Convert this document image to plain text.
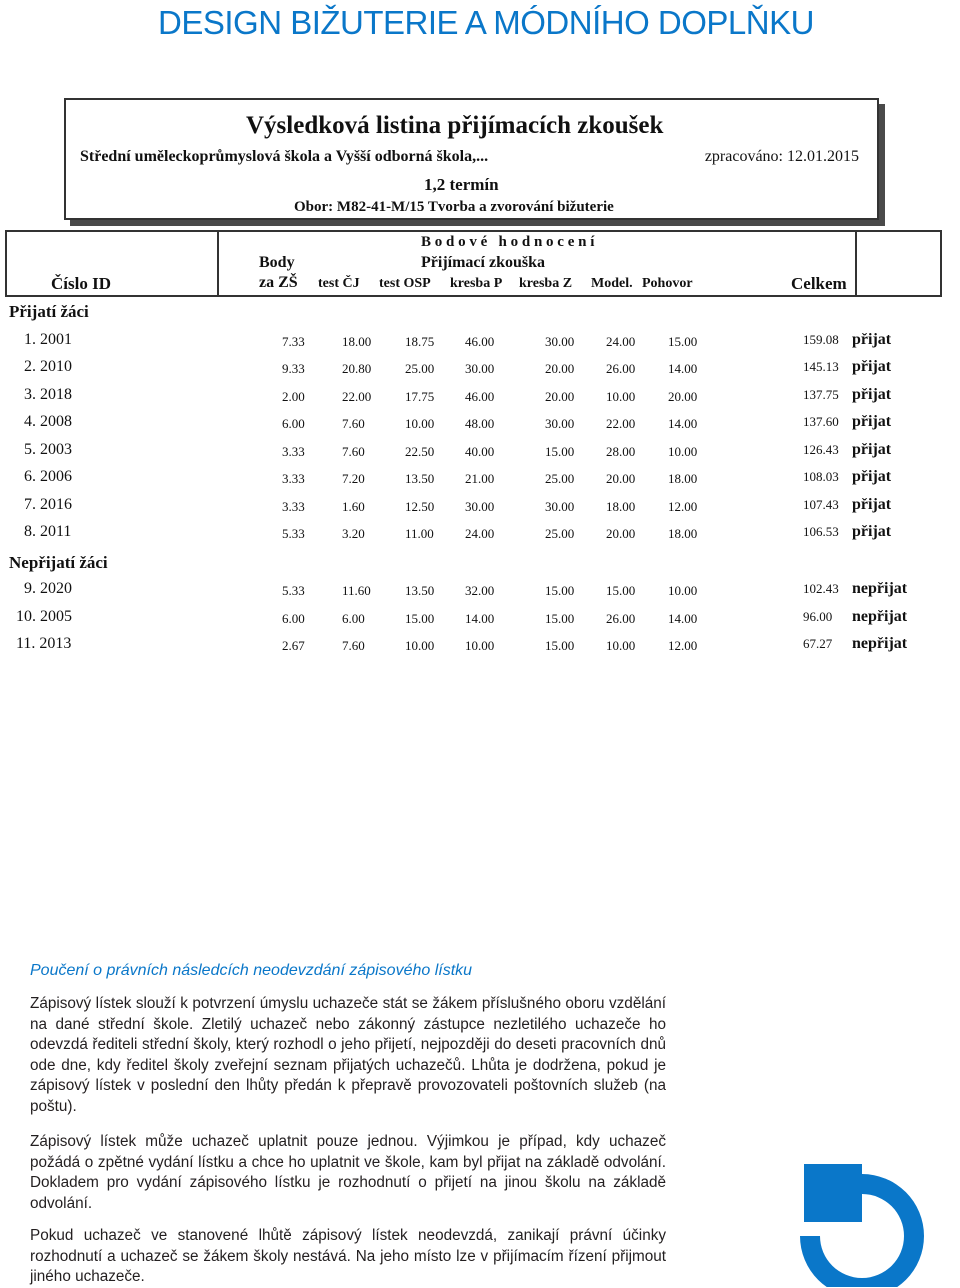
DESIGN BIŽUTERIE A MÓDNÍHO DOPLŇKU
Výsledková listina přijímacích zkoušek
Střední uměleckoprůmyslová škola a Vyšší odborná škola,...	zpracováno: 12.01.2015
1,2 termín
Obor: M82-41-M/15 Tvorba a zvorování bižuterie
Číslo ID
Body
za ZŠ
B o d o v é   h o d n o c e n í
Přijímací zkouška
test ČJ test OSP kresba P kresba Z Model. Pohovor	Celkem
Přijatí žáci
Nepřijatí žáci
1. 2001	7.33	18.00	18.75 46.00	30.00 24.00	15.00	159.08 přijat
2. 2010	9.33	20.80	25.00 30.00	20.00 26.00	14.00	145.13 přijat
3. 2018	2.00	22.00	17.75 46.00	20.00 10.00	20.00	137.75 přijat
4. 2008	6.00	7.60	10.00 48.00	30.00 22.00	14.00	137.60 přijat
5. 2003	3.33	7.60	22.50 40.00	15.00 28.00	10.00	126.43 přijat
6. 2006	3.33	7.20	13.50 21.00	25.00 20.00	18.00	108.03 přijat
7. 2016	3.33	1.60	12.50 30.00	30.00 18.00	12.00	107.43 přijat
8. 2011	5.33	3.20	11.00 24.00	25.00 20.00	18.00	106.53 přijat
9. 2020	5.33	11.60	13.50 32.00	15.00 15.00	10.00	102.43 nepřijat
10. 2005	6.00	6.00	15.00 14.00	15.00 26.00	14.00	96.00 nepřijat
11. 2013	2.67	7.60	10.00 10.00	15.00 10.00	12.00	67.27 nepřijat
Poučení o právních následcích neodevzdání zápisového lístku
Zápisový lístek slouží k potvrzení úmyslu uchazeče stát se žákem příslušného oboru vzdělání na dané střední škole. Zletilý uchazeč nebo zákonný zástupce nezletilého uchazeče ho odevzdá řediteli střední školy, který rozhodl o jeho přijetí, nejpozději do deseti pracovních dnů ode dne, kdy ředitel školy zveřejní seznam přijatých uchazečů. Lhůta je dodržena, pokud je zápisový lístek v poslední den lhůty předán k přepravě provozovateli poštovních služeb (na poštu).
Zápisový lístek může uchazeč uplatnit pouze jednou. Výjimkou je případ, kdy uchazeč požádá o zpětné vydání lístku a chce ho uplatnit ve škole, kam byl přijat na základě odvolání. Dokladem pro vydání zápisového lístku je rozhodnutí o přijetí na jinou školu na základě odvolání.
Pokud uchazeč ve stanovené lhůtě zápisový lístek neodevzdá, zanikají právní účinky rozhodnutí a uchazeč se žákem školy nestává. Na jeho místo lze v přijímacím řízení přijmout jiného uchazeče.
